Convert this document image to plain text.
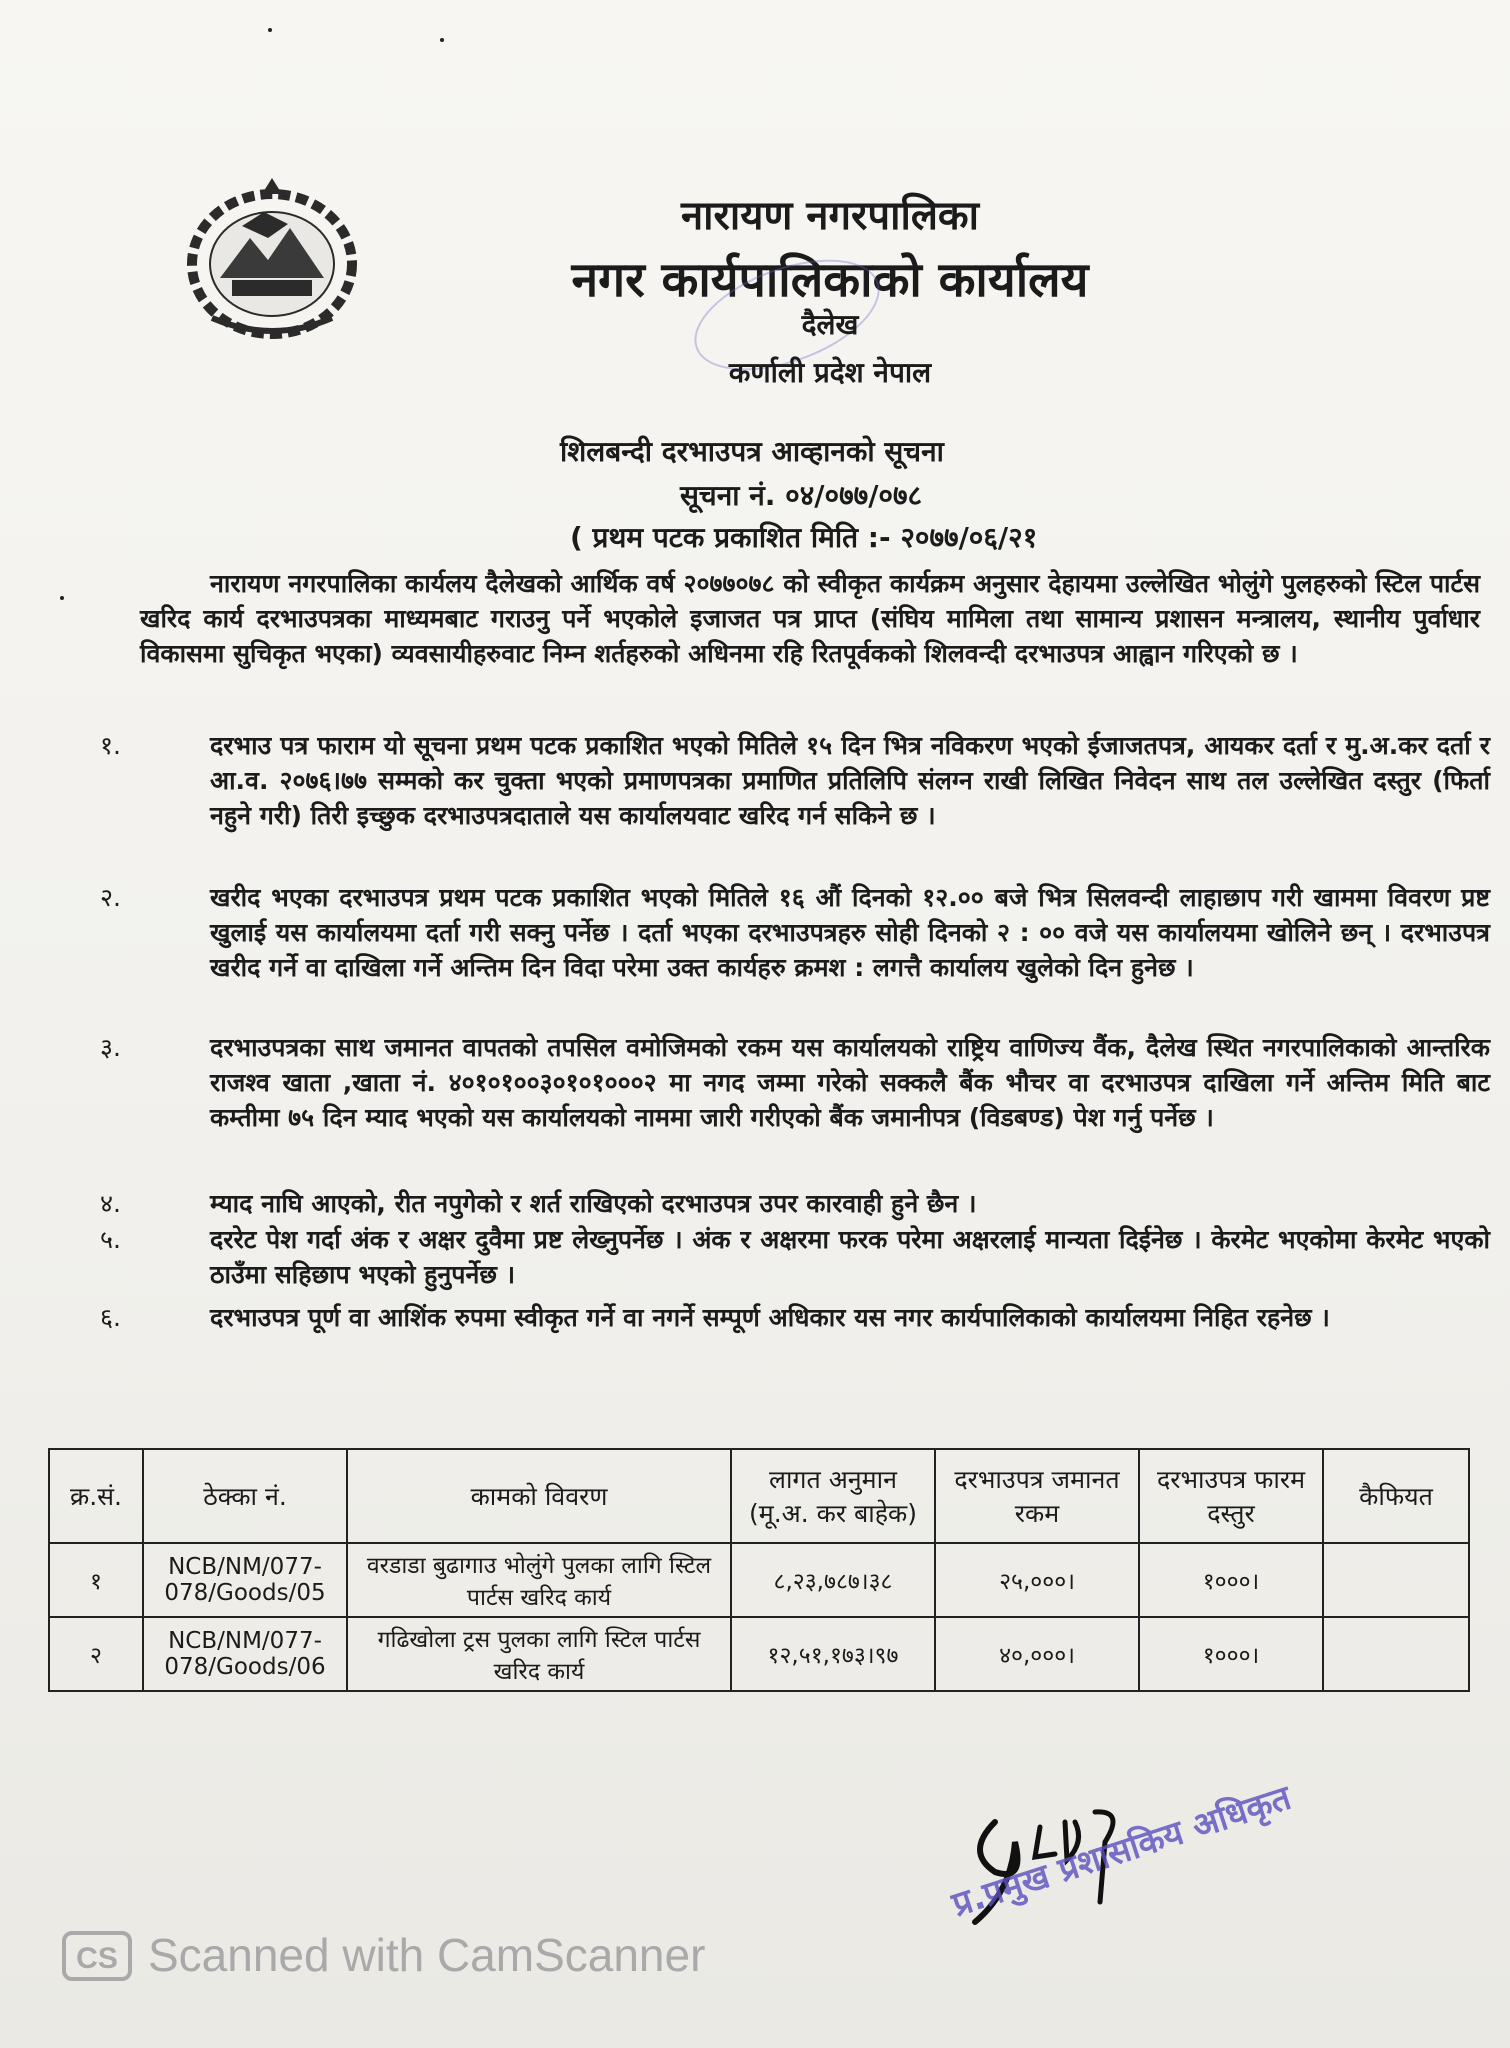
नारायण नगरपालिका
नगर कार्यपालिकाको कार्यालय
दैलेख
कर्णाली प्रदेश नेपाल
शिलबन्दी दरभाउपत्र आव्हानको सूचना
सूचना नं. ०४/०७७/०७८
( प्रथम पटक प्रकाशित मिति :- २०७७/०६/२१
नारायण नगरपालिका कार्यलय दैलेखको आर्थिक वर्ष २०७७०७८ को स्वीकृत कार्यक्रम अनुसार देहायमा उल्लेखित भोलुंगे पुलहरुको स्टिल पार्टस खरिद कार्य दरभाउपत्रका माध्यमबाट गराउनु पर्ने भएकोले इजाजत पत्र प्राप्त (संघिय मामिला तथा सामान्य प्रशासन मन्त्रालय, स्थानीय पुर्वाधार विकासमा सुचिकृत भएका) व्यवसायीहरुवाट निम्न शर्तहरुको अधिनमा रहि रितपूर्वकको शिलवन्दी दरभाउपत्र आह्वान गरिएको छ ।
१.	दरभाउ पत्र फाराम यो सूचना प्रथम पटक प्रकाशित भएको मितिले १५ दिन भित्र नविकरण भएको ईजाजतपत्र, आयकर दर्ता र मु.अ.कर दर्ता र आ.व. २०७६।७७ सम्मको कर चुक्ता भएको प्रमाणपत्रका प्रमाणित प्रतिलिपि संलग्न राखी लिखित निवेदन साथ तल उल्लेखित दस्तुर (फिर्ता नहुने गरी) तिरी इच्छुक दरभाउपत्रदाताले यस कार्यालयवाट खरिद गर्न सकिने छ ।
२.	खरीद भएका दरभाउपत्र प्रथम पटक प्रकाशित भएको मितिले १६ औं दिनको १२.०० बजे भित्र सिलवन्दी लाहाछाप गरी खाममा विवरण प्रष्ट खुलाई यस कार्यालयमा दर्ता गरी सक्नु पर्नेछ । दर्ता भएका दरभाउपत्रहरु सोही दिनको २ : ०० वजे यस कार्यालयमा खोलिने छन् । दरभाउपत्र खरीद गर्ने वा दाखिला गर्ने अन्तिम दिन विदा परेमा उक्त कार्यहरु क्रमश : लगत्तै कार्यालय खुलेको दिन हुनेछ ।
३.	दरभाउपत्रका साथ जमानत वापतको तपसिल वमोजिमको रकम यस कार्यालयको राष्ट्रिय वाणिज्य वैंक, दैलेख स्थित नगरपालिकाको आन्तरिक राजश्व खाता ,खाता नं. ४०१०१००३०१०१०००२ मा नगद जम्मा गरेको सक्कलै बैंक भौचर वा दरभाउपत्र दाखिला गर्ने अन्तिम मिति बाट कम्तीमा ७५ दिन म्याद भएको यस कार्यालयको नाममा जारी गरीएको बैंक जमानीपत्र (विडबण्ड) पेश गर्नु पर्नेछ ।
४.	म्याद नाघि आएको, रीत नपुगेको र शर्त राखिएको दरभाउपत्र उपर कारवाही हुने छैन ।
५.	दररेट पेश गर्दा अंक र अक्षर दुवैमा प्रष्ट लेख्नुपर्नेछ । अंक र अक्षरमा फरक परेमा अक्षरलाई मान्यता दिईनेछ । केरमेट भएकोमा केरमेट भएको ठाउँमा सहिछाप भएको हुनुपर्नेछ ।
६.	दरभाउपत्र पूर्ण वा आशिंक रुपमा स्वीकृत गर्ने वा नगर्ने सम्पूर्ण अधिकार यस नगर कार्यपालिकाको कार्यालयमा निहित रहनेछ ।
क्र.सं.	ठेक्का नं.	कामको विवरण	लागत अनुमान (मू.अ. कर बाहेक)	दरभाउपत्र जमानत रकम	दरभाउपत्र फारम दस्तुर	कैफियत
१	NCB/NM/077-078/Goods/05	वरडाडा बुढागाउ भोलुंगे पुलका लागि स्टिल पार्टस खरिद कार्य	८,२३,७८७।३८	२५,०००।	१०००।	
२	NCB/NM/077-078/Goods/06	गढिखोला ट्रस पुलका लागि स्टिल पार्टस खरिद कार्य	१२,५१,१७३।९७	४०,०००।	१०००।	
प्र.प्रमुख प्रशासकिय अधिकृत
CS Scanned with CamScanner
